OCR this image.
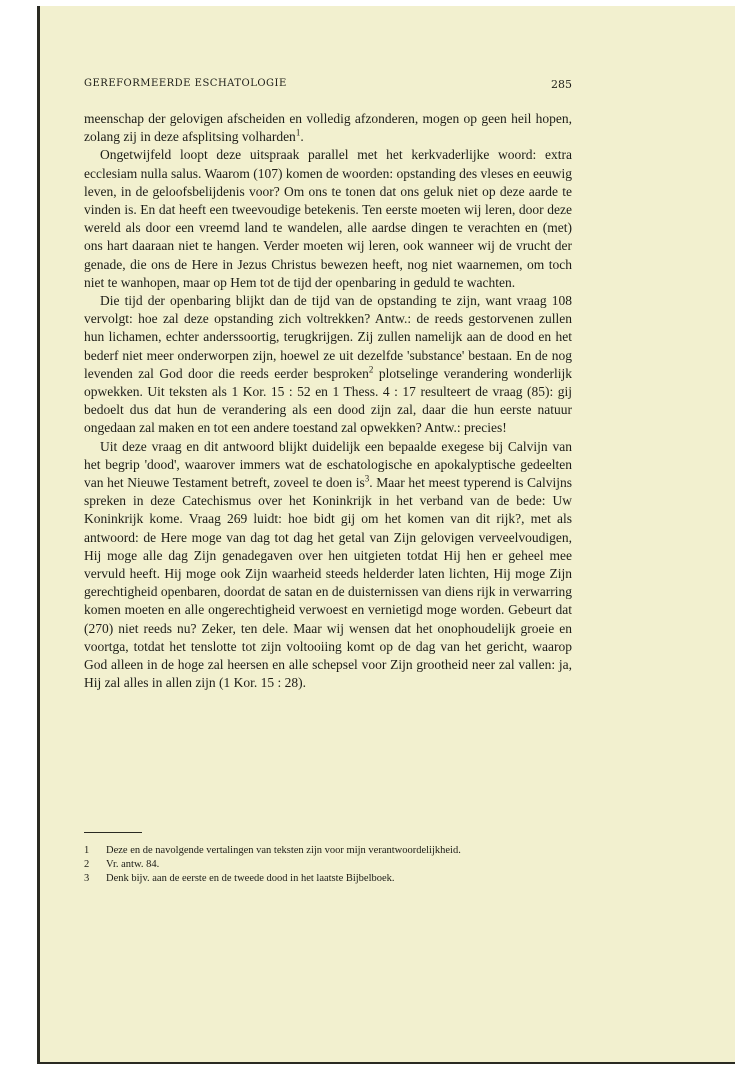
GEREFORMEERDE ESCHATOLOGIE	285

meenschap der gelovigen afscheiden en volledig afzonderen, mogen op geen heil hopen, zolang zij in deze afsplitsing volharden$^1$.

Ongetwijfeld loopt deze uitspraak parallel met het kerkvaderlijke woord: extra ecclesiam nulla salus. Waarom (107) komen de woorden: opstanding des vleses en eeuwig leven, in de geloofsbelijdenis voor? Om ons te tonen dat ons geluk niet op deze aarde te vinden is. En dat heeft een tweevoudige betekenis. Ten eerste moeten wij leren, door deze wereld als door een vreemd land te wandelen, alle aardse dingen te verachten en (met) ons hart daaraan niet te hangen. Verder moeten wij leren, ook wanneer wij de vrucht der genade, die ons de Here in Jezus Christus bewezen heeft, nog niet waarnemen, om toch niet te wanhopen, maar op Hem tot de tijd der openbaring in geduld te wachten.

Die tijd der openbaring blijkt dan de tijd van de opstanding te zijn, want vraag 108 vervolgt: hoe zal deze opstanding zich voltrekken? Antw.: de reeds gestorvenen zullen hun lichamen, echter anderssoortig, terugkrijgen. Zij zullen namelijk aan de dood en het bederf niet meer onderworpen zijn, hoewel ze uit dezelfde 'substance' bestaan. En de nog levenden zal God door die reeds eerder besproken$^2$ plotselinge verandering wonderlijk opwekken. Uit teksten als 1 Kor. 15 : 52 en 1 Thess. 4 : 17 resulteert de vraag (85): gij bedoelt dus dat hun de verandering als een dood zijn zal, daar die hun eerste natuur ongedaan zal maken en tot een andere toestand zal opwekken? Antw.: precies!

Uit deze vraag en dit antwoord blijkt duidelijk een bepaalde exegese bij Calvijn van het begrip 'dood', waarover immers wat de eschatologische en apokalyptische gedeelten van het Nieuwe Testament betreft, zoveel te doen $is^3$. Maar het meest typerend is Calvijns spreken in deze Catechismus over het Koninkrijk in het verband van de bede: Uw Koninkrijk kome. Vraag 269 luidt: hoe bidt gij om het komen van dit rijk?, met als antwoord: de Here moge van dag tot dag het getal van Zijn gelovigen verveelvoudigen, Hij moge alle dag Zijn genadegaven over hen uitgieten totdat Hij hen er geheel mee vervuld heeft. Hij moge ook Zijn waarheid steeds helderder laten lichten, Hij moge Zijn gerechtigheid openbaren, doordat de satan en de duisternissen van diens rijk in verwarring komen moeten en alle ongerechtigheid verwoest en vernietigd moge worden. Gebeurt dat (270) niet reeds nu? Zeker, ten dele. Maar wij wensen dat het onophoudelijk groeie en voortga, totdat het tenslotte tot zijn voltooiing komt op de dag van het gericht, waarop God alleen in de hoge zal heersen en alle schepsel voor Zijn grootheid neer zal vallen: ja, Hij zal alles in allen zijn (1 Kor. 15 : 28).

1	Deze en de navolgende vertalingen van teksten zijn voor mijn verantwoordelijkheid.
2	Vr. antw. 84.
3	Denk bijv. aan de eerste en de tweede dood in het laatste Bijbelboek.
